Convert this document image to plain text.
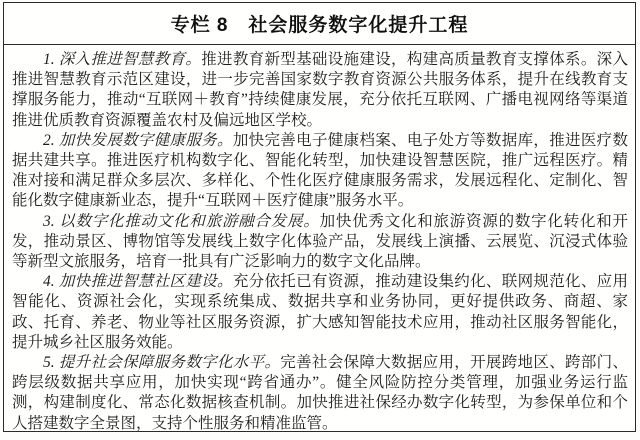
专栏 8　社会服务数字化提升工程

1. 深入推进智慧教育。推进教育新型基础设施建设，构建高质量教育支撑体系。深入推进智慧教育示范区建设，进一步完善国家数字教育资源公共服务体系，提升在线教育支撑服务能力，推动“互联网＋教育”持续健康发展，充分依托互联网、广播电视网络等渠道推进优质教育资源覆盖农村及偏远地区学校。

2. 加快发展数字健康服务。加快完善电子健康档案、电子处方等数据库，推进医疗数据共建共享。推进医疗机构数字化、智能化转型，加快建设智慧医院，推广远程医疗。精准对接和满足群众多层次、多样化、个性化医疗健康服务需求，发展远程化、定制化、智能化数字健康新业态，提升“互联网＋医疗健康”服务水平。

3. 以数字化推动文化和旅游融合发展。加快优秀文化和旅游资源的数字化转化和开发，推动景区、博物馆等发展线上数字化体验产品，发展线上演播、云展览、沉浸式体验等新型文旅服务，培育一批具有广泛影响力的数字文化品牌。

4. 加快推进智慧社区建设。充分依托已有资源，推动建设集约化、联网规范化、应用智能化、资源社会化，实现系统集成、数据共享和业务协同，更好提供政务、商超、家政、托育、养老、物业等社区服务资源，扩大感知智能技术应用，推动社区服务智能化，提升城乡社区服务效能。

5. 提升社会保障服务数字化水平。完善社会保障大数据应用，开展跨地区、跨部门、跨层级数据共享应用，加快实现“跨省通办”。健全风险防控分类管理，加强业务运行监测，构建制度化、常态化数据核查机制。加快推进社保经办数字化转型，为参保单位和个人搭建数字全景图，支持个性服务和精准监管。
